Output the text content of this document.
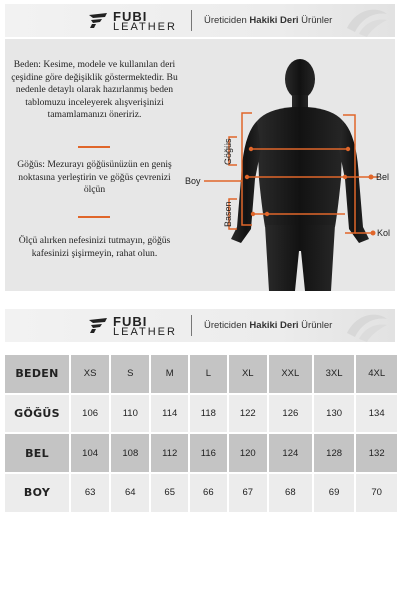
FUBI
LEATHER
Üreticiden Hakiki Deri Ürünler

Beden: Kesime, modele ve kullanılan deri çeşidine göre değişiklik göstermektedir. Bu nedenle detaylı olarak hazırlanmış beden tablomuzu inceleyerek alışverişinizi tamamlamanızı öneririz.

Göğüs: Mezurayı göğüsünüzün en geniş noktasına yerleştirin ve göğüs çevrenizi ölçün

Ölçü alırken nefesinizi tutmayın, göğüs kafesinizi şişirmeyin, rahat olun.

Boy
Göğüs
Basen
Bel
Kol
FUBI
LEATHER
Üreticiden Hakiki Deri Ürünler
BEDEN	XS	S	M	L	XL	XXL	3XL	4XL
GÖĞÜS	106	110	114	118	122	126	130	134
BEL	104	108	112	116	120	124	128	132
BOY	63	64	65	66	67	68	69	70
